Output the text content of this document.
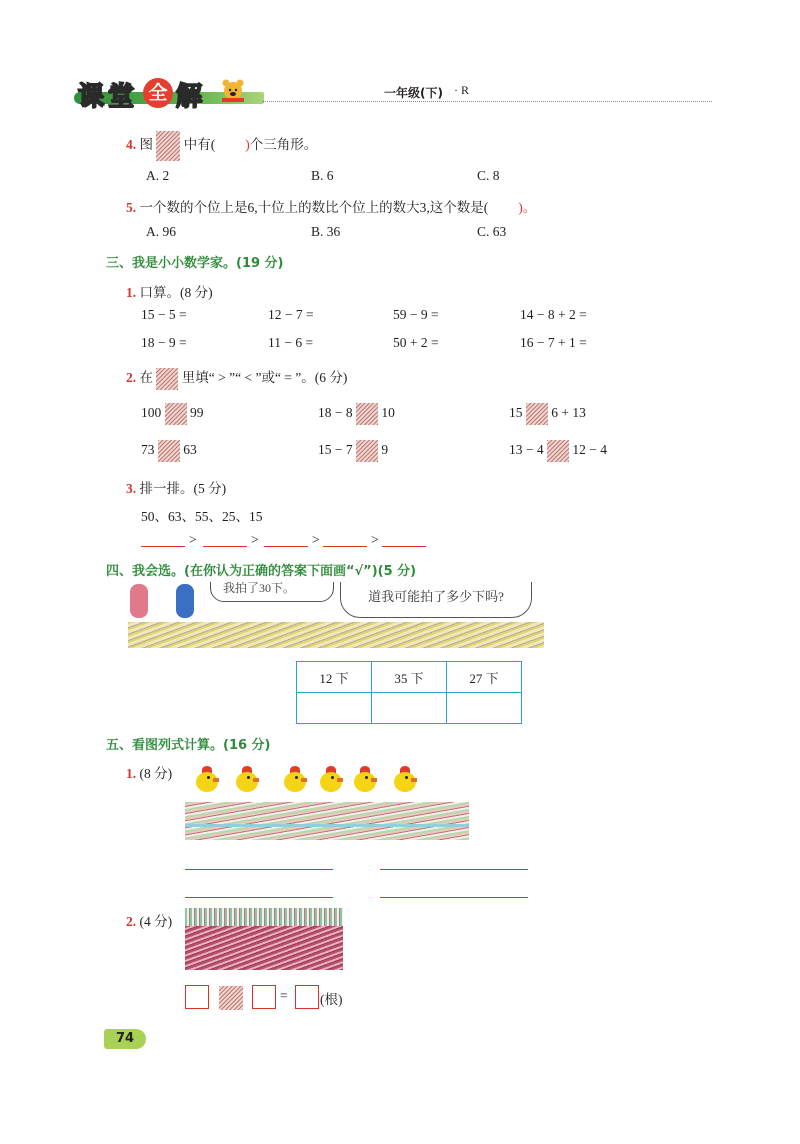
课 堂 全 解	一年级(下) · R
4. 图 中有( )个三角形。
A. 2	B. 6	C. 8
5. 一个数的个位上是6,十位上的数比个位上的数大3,这个数是( )。
A. 96	B. 36	C. 63
三、我是小小数学家。(19 分)
1. 口算。(8 分)
15 − 5 =	12 − 7 =	59 − 9 =	14 − 8 + 2 =
18 − 9 =	11 − 6 =	50 + 2 =	16 − 7 + 1 =
2. 在 里填“ > ”“ < ”或“ = ”。(6 分)
100 99	18 − 8 10	15 6 + 13
73 63	15 − 7 9	13 − 4 12 − 4
3. 排一排。(5 分)
50、63、55、25、15
>	>	>	>
四、我会选。(在你认为正确的答案下面画“√”)(5 分)
我拍了30下。
道我可能拍了多少下吗?
12 下	35 下	27 下

五、看图列式计算。(16 分)
1. (8 分)
2. (4 分)
= (根)
74
